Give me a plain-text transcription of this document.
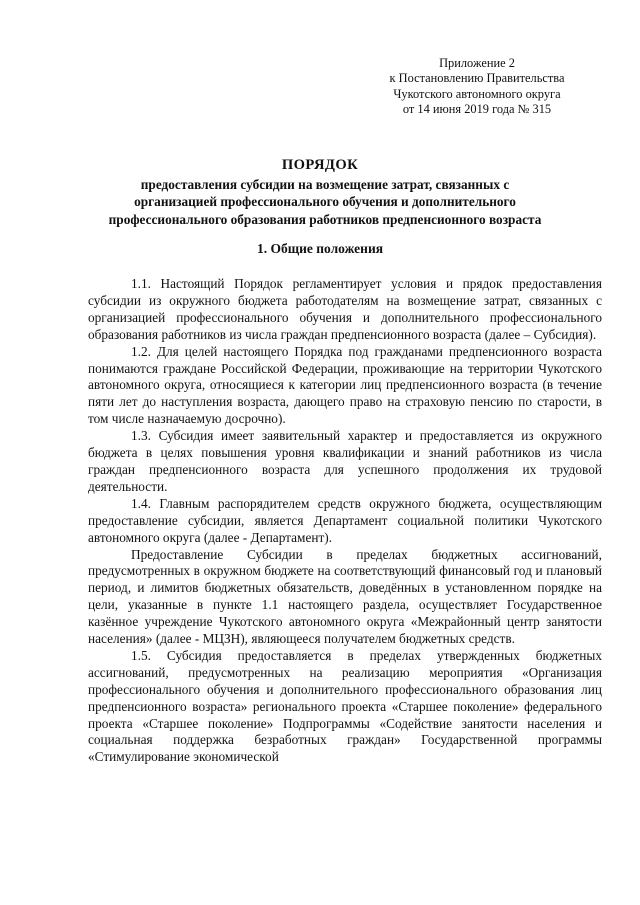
Приложение 2
к Постановлению Правительства
Чукотского автономного округа
от 14 июня 2019 года № 315
ПОРЯДОК
предоставления субсидии на возмещение затрат, связанных с
организацией профессионального обучения и дополнительного
профессионального образования работников предпенсионного возраста
1. Общие положения

1.1. Настоящий Порядок регламентирует условия и прядок предоставления субсидии из окружного бюджета работодателям на возмещение затрат, связанных с организацией профессионального обучения и дополнительного профессионального образования работников из числа граждан предпенсионного возраста (далее – Субсидия).

1.2. Для целей настоящего Порядка под гражданами предпенсионного возраста понимаются граждане Российской Федерации, проживающие на территории Чукотского автономного округа, относящиеся к категории лиц предпенсионного возраста (в течение пяти лет до наступления возраста, дающего право на страховую пенсию по старости, в том числе назначаемую досрочно).

1.3. Субсидия имеет заявительный характер и предоставляется из окружного бюджета в целях повышения уровня квалификации и знаний работников из числа граждан предпенсионного возраста для успешного продолжения их трудовой деятельности.

1.4. Главным распорядителем средств окружного бюджета, осуществляющим предоставление субсидии, является Департамент социальной политики Чукотского автономного округа (далее - Департамент).

Предоставление Субсидии в пределах бюджетных ассигнований, предусмотренных в окружном бюджете на соответствующий финансовый год и плановый период, и лимитов бюджетных обязательств, доведённых в установленном порядке на цели, указанные в пункте 1.1 настоящего раздела, осуществляет Государственное казённое учреждение Чукотского автономного округа «Межрайонный центр занятости населения» (далее - МЦЗН), являющееся получателем бюджетных средств.

1.5. Субсидия предоставляется в пределах утвержденных бюджетных ассигнований, предусмотренных на реализацию мероприятия «Организация профессионального обучения и дополнительного профессионального образования лиц предпенсионного возраста» регионального проекта «Старшее поколение» федерального проекта «Старшее поколение» Подпрограммы «Содействие занятости населения и социальная поддержка безработных граждан» Государственной программы «Стимулирование экономической
